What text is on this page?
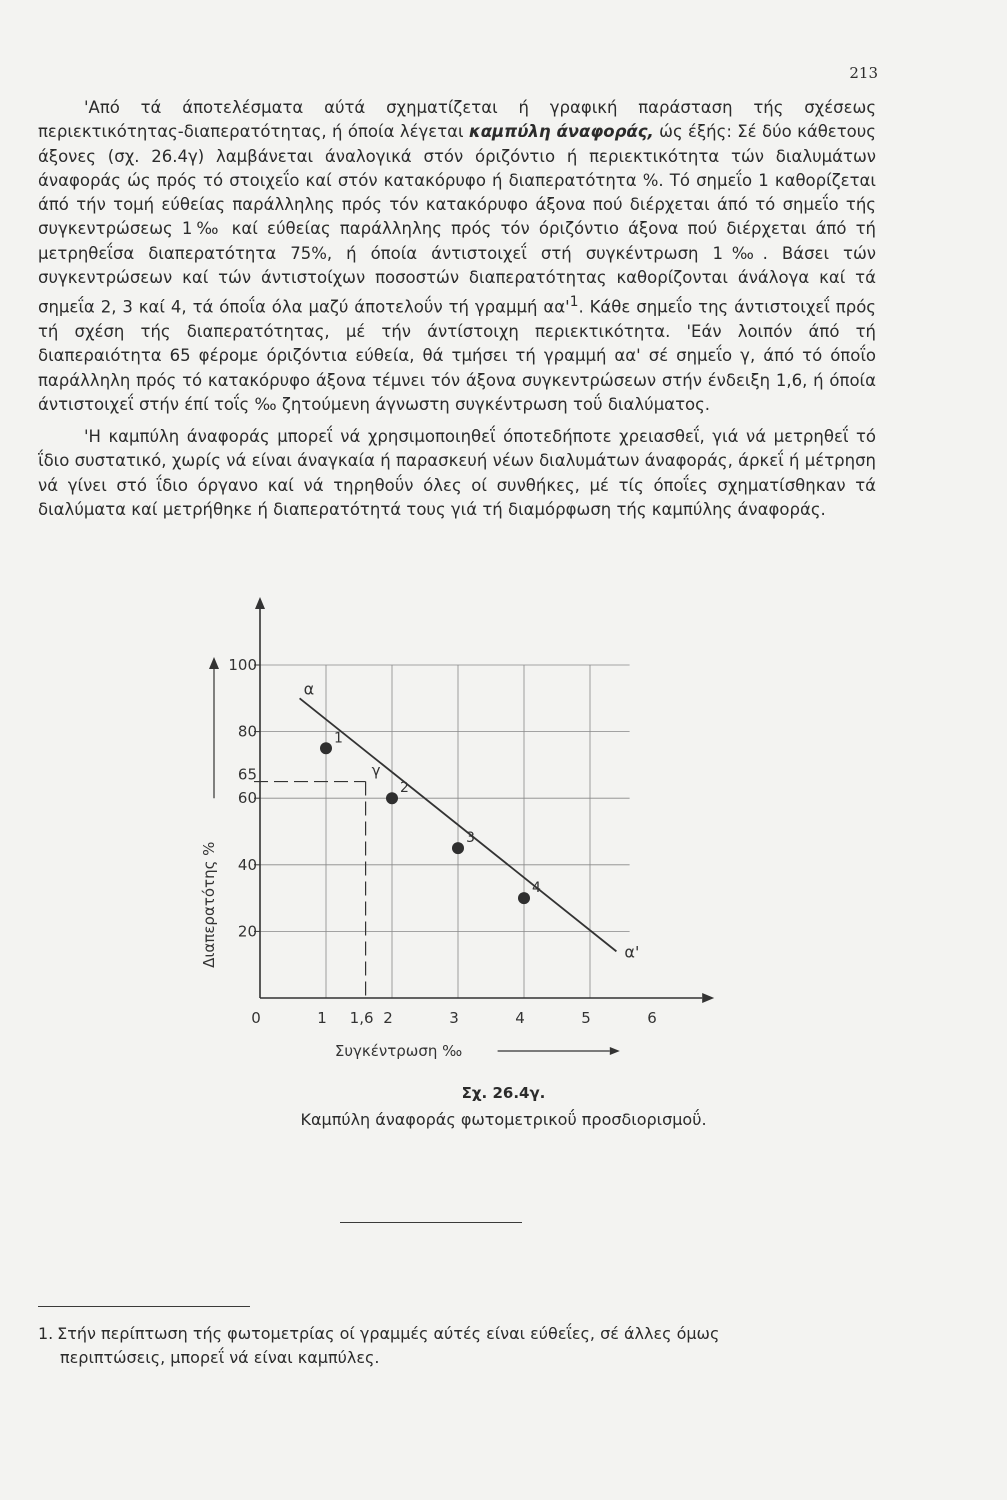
213

'Από τά άποτελέσματα αύτά σχηματίζεται ή γραφική παράσταση τής σχέσεως περιεκτικότητας-διαπερατότητας, ή όποία λέγεται καμπύλη άναφοράς, ώς έξής: Σέ δύο κάθετους άξονες (σχ. 26.4γ) λαμβάνεται άναλογικά στόν όριζόντιο ή περιεκτικότητα τών διαλυμάτων άναφοράς ώς πρός τό στοιχεΐο καί στόν κατακόρυφο ή διαπερατότητα %. Τό σημεΐο 1 καθορίζεται άπό τήν τομή εύθείας παράλληλης πρός τόν κατακόρυφο άξονα πού διέρχεται άπό τό σημεΐο τής συγκεντρώσεως 1‰ καί εύθείας παράλληλης πρός τόν όριζόντιο άξονα πού διέρχεται άπό τή μετρηθεΐσα διαπερατότητα 75%, ή όποία άντιστοιχεΐ στή συγκέντρωση 1‰. Βάσει τών συγκεντρώσεων καί τών άντιστοίχων ποσοστών διαπερατότητας καθορίζονται άνάλογα καί τά σημεΐα 2, 3 καί 4, τά όποΐα όλα μαζύ άποτελοΰν τή γραμμή $\alpha\alpha'^1$. Κάθε σημεΐο της άντιστοιχεΐ πρός τή σχέση τής διαπερατότητας, μέ τήν άντίστοιχη περιεκτικότητα. 'Εάν λοιπόν άπό τή διαπεραιότητα 65 φέρομε όριζόντια εύθεία, θά τμήσει τή γραμμή αα' σέ σημεΐο γ, άπό τό όποΐο παράλληλη πρός τό κατακόρυφο άξονα τέμνει τόν άξονα συγκεντρώσεων στήν ένδειξη 1,6, ή όποία άντιστοιχεΐ στήν έπί τοΐς ‰ ζητούμενη άγνωστη συγκέντρωση τοΰ διαλύματος.

'Η καμπύλη άναφοράς μπορεΐ νά χρησιμοποιηθεΐ όποτεδήποτε χρειασθεΐ, γιά νά μετρηθεΐ τό ΐδιο συστατικό, χωρίς νά είναι άναγκαία ή παρασκευή νέων διαλυμάτων άναφοράς, άρκεΐ ή μέτρηση νά γίνει στό ΐδιο όργανο καί νά τηρηθοΰν όλες οί συνθήκες, μέ τίς όποΐες σχηματίσθηκαν τά διαλύματα καί μετρήθηκε ή διαπερατότητά τους γιά τή διαμόρφωση τής καμπύλης άναφοράς.

20
40
60
65
80
100
0	1 1,6 2	3	4	5	6
γ
α
α'
1
2
3
4
Διαπερατότης %
Συγκέντρωση ‰
Σχ. 26.4γ.
Καμπύλη άναφοράς φωτομετρικοΰ προσδιορισμοΰ.
1. Στήν περίπτωση τής φωτομετρίας οί γραμμές αύτές είναι εύθεΐες, σέ άλλες όμως
περιπτώσεις, μπορεΐ νά είναι καμπύλες.
